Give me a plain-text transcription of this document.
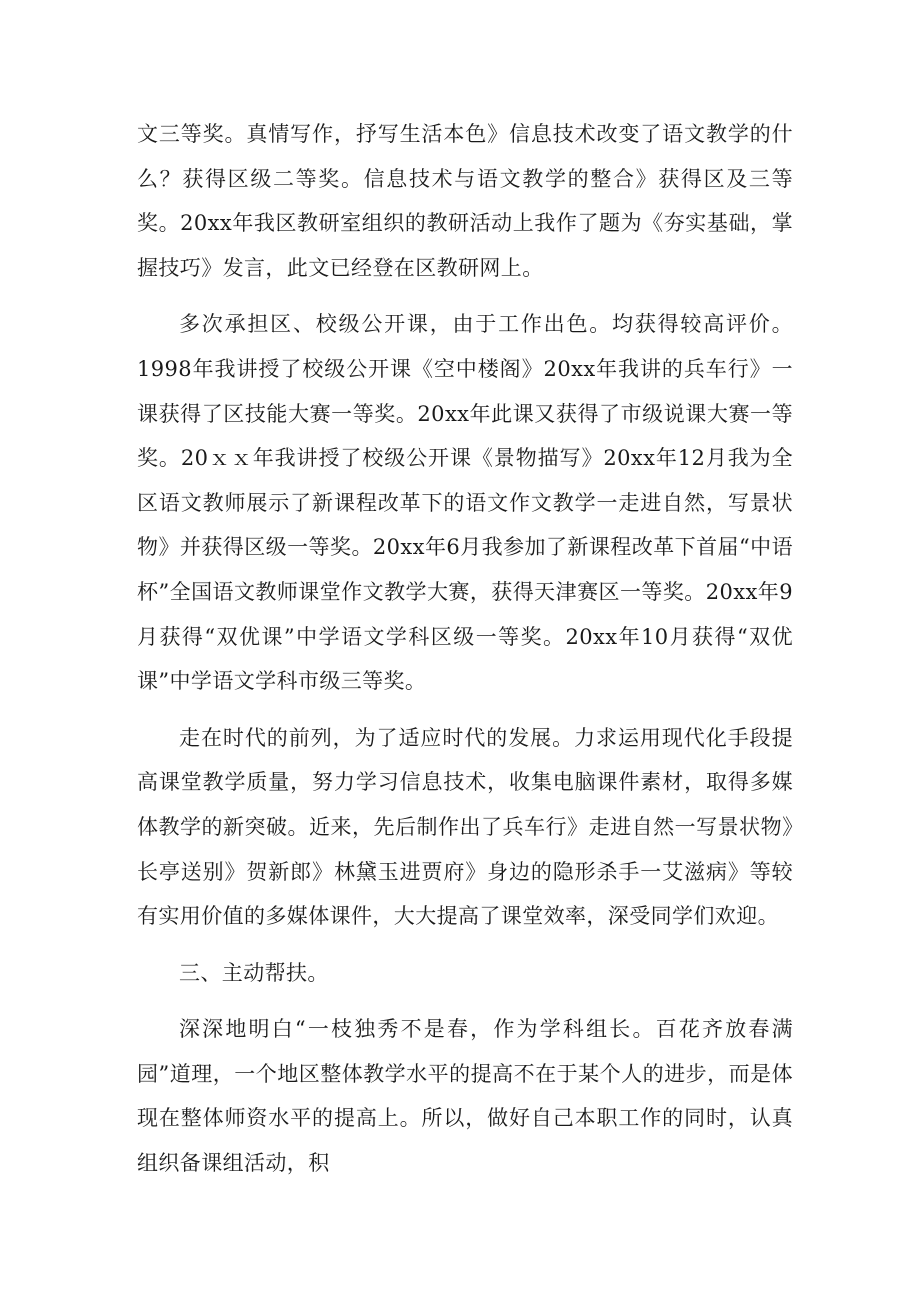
文三等奖。真情写作，抒写生活本色》信息技术改变了语文教学的什么？获得区级二等奖。信息技术与语文教学的整合》获得区及三等奖。20xx年我区教研室组织的教研活动上我作了题为《夯实基础，掌握技巧》发言，此文已经登在区教研网上。

多次承担区、校级公开课，由于工作出色。均获得较高评价。1998年我讲授了校级公开课《空中楼阁》20xx年我讲的兵车行》一课获得了区技能大赛一等奖。20xx年此课又获得了市级说课大赛一等奖。20ｘｘ年我讲授了校级公开课《景物描写》20xx年12月我为全区语文教师展示了新课程改革下的语文作文教学一走进自然，写景状物》并获得区级一等奖。20xx年6月我参加了新课程改革下首届“中语杯”全国语文教师课堂作文教学大赛，获得天津赛区一等奖。20xx年9月获得“双优课”中学语文学科区级一等奖。20xx年10月获得“双优课”中学语文学科市级三等奖。

走在时代的前列，为了适应时代的发展。力求运用现代化手段提高课堂教学质量，努力学习信息技术，收集电脑课件素材，取得多媒体教学的新突破。近来，先后制作出了兵车行》走进自然一写景状物》长亭送别》贺新郎》林黛玉进贾府》身边的隐形杀手一艾滋病》等较有实用价值的多媒体课件，大大提高了课堂效率，深受同学们欢迎。

三、主动帮扶。

深深地明白“一枝独秀不是春，作为学科组长。百花齐放春满园”道理，一个地区整体教学水平的提高不在于某个人的进步，而是体现在整体师资水平的提高上。所以，做好自己本职工作的同时，认真组织备课组活动，积
